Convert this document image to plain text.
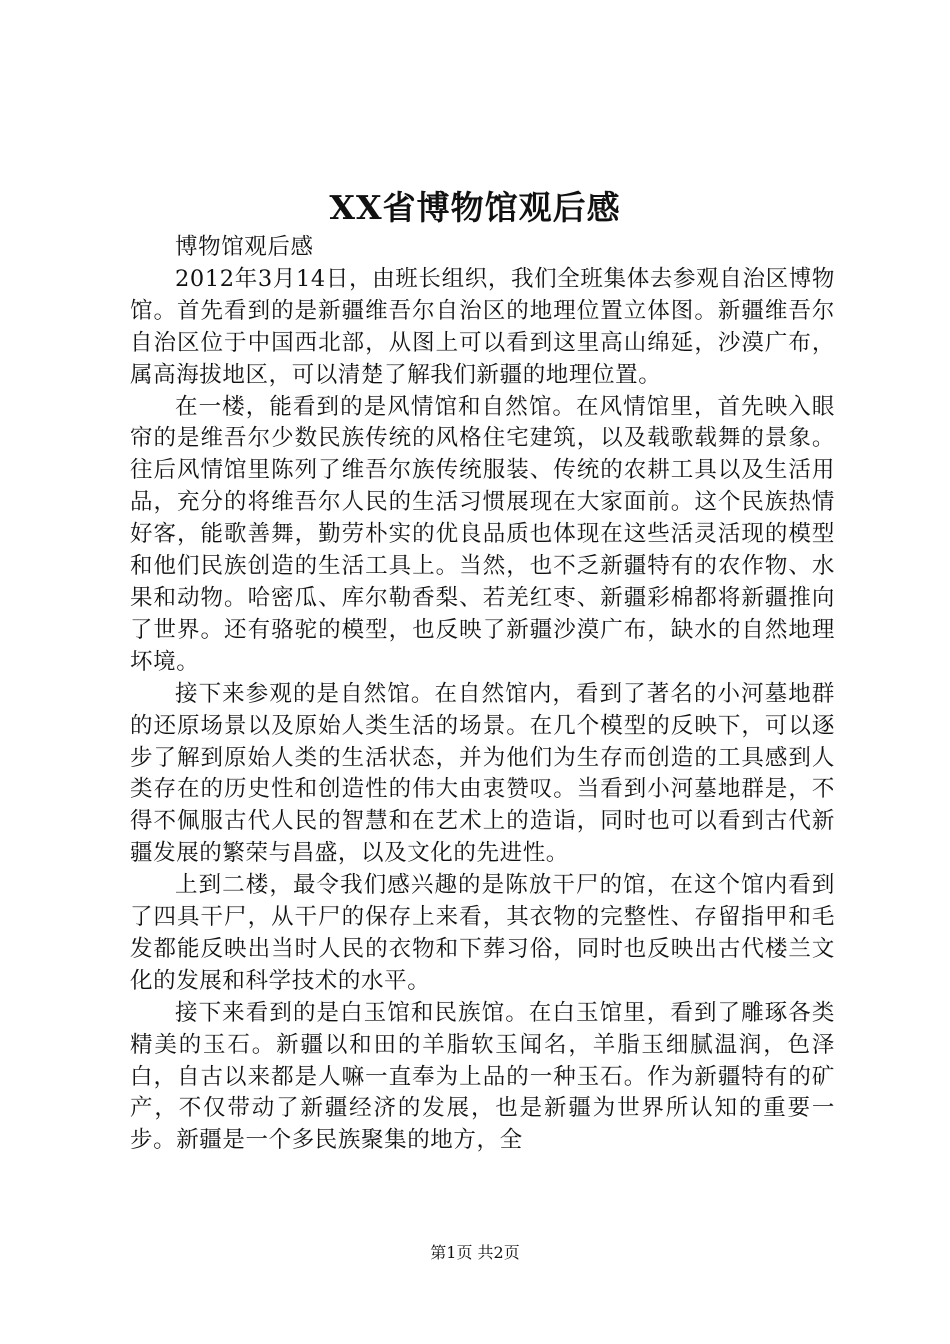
XX省博物馆观后感

博物馆观后感

2012年3月14日，由班长组织，我们全班集体去参观自治区博物馆。首先看到的是新疆维吾尔自治区的地理位置立体图。新疆维吾尔自治区位于中国西北部，从图上可以看到这里高山绵延，沙漠广布，属高海拔地区，可以清楚了解我们新疆的地理位置。

在一楼，能看到的是风情馆和自然馆。在风情馆里，首先映入眼帘的是维吾尔少数民族传统的风格住宅建筑，以及载歌载舞的景象。往后风情馆里陈列了维吾尔族传统服装、传统的农耕工具以及生活用品，充分的将维吾尔人民的生活习惯展现在大家面前。这个民族热情好客，能歌善舞，勤劳朴实的优良品质也体现在这些活灵活现的模型和他们民族创造的生活工具上。当然，也不乏新疆特有的农作物、水果和动物。哈密瓜、库尔勒香梨、若羌红枣、新疆彩棉都将新疆推向了世界。还有骆驼的模型，也反映了新疆沙漠广布，缺水的自然地理坏境。

接下来参观的是自然馆。在自然馆内，看到了著名的小河墓地群的还原场景以及原始人类生活的场景。在几个模型的反映下，可以逐步了解到原始人类的生活状态，并为他们为生存而创造的工具感到人类存在的历史性和创造性的伟大由衷赞叹。当看到小河墓地群是，不得不佩服古代人民的智慧和在艺术上的造诣，同时也可以看到古代新疆发展的繁荣与昌盛，以及文化的先进性。

上到二楼，最令我们感兴趣的是陈放干尸的馆，在这个馆内看到了四具干尸，从干尸的保存上来看，其衣物的完整性、存留指甲和毛发都能反映出当时人民的衣物和下葬习俗，同时也反映出古代楼兰文化的发展和科学技术的水平。

接下来看到的是白玉馆和民族馆。在白玉馆里，看到了雕琢各类精美的玉石。新疆以和田的羊脂软玉闻名，羊脂玉细腻温润，色泽白，自古以来都是人嘛一直奉为上品的一种玉石。作为新疆特有的矿产，不仅带动了新疆经济的发展，也是新疆为世界所认知的重要一步。新疆是一个多民族聚集的地方，全

第1页 共2页
